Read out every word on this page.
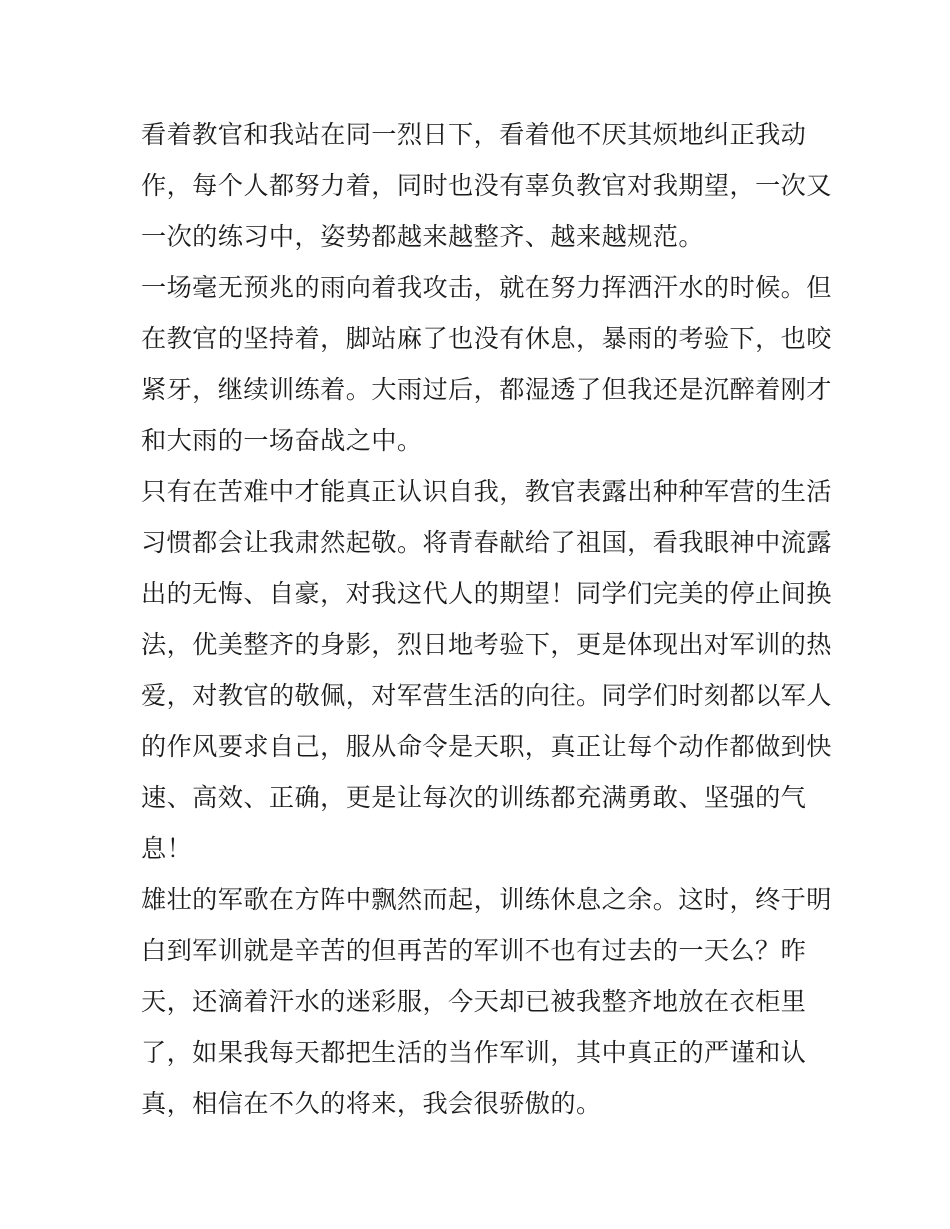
看着教官和我站在同一烈日下，看着他不厌其烦地纠正我动
作，每个人都努力着，同时也没有辜负教官对我期望，一次又
一次的练习中，姿势都越来越整齐、越来越规范。

一场毫无预兆的雨向着我攻击，就在努力挥洒汗水的时候。但
在教官的坚持着，脚站麻了也没有休息，暴雨的考验下，也咬
紧牙，继续训练着。大雨过后，都湿透了但我还是沉醉着刚才
和大雨的一场奋战之中。

只有在苦难中才能真正认识自我，教官表露出种种军营的生活
习惯都会让我肃然起敬。将青春献给了祖国，看我眼神中流露
出的无悔、自豪，对我这代人的期望！同学们完美的停止间换
法，优美整齐的身影，烈日地考验下，更是体现出对军训的热
爱，对教官的敬佩，对军营生活的向往。同学们时刻都以军人
的作风要求自己，服从命令是天职，真正让每个动作都做到快
速、高效、正确，更是让每次的训练都充满勇敢、坚强的气
息！

雄壮的军歌在方阵中飘然而起，训练休息之余。这时，终于明
白到军训就是辛苦的但再苦的军训不也有过去的一天么？昨
天，还滴着汗水的迷彩服，今天却已被我整齐地放在衣柜里
了，如果我每天都把生活的当作军训，其中真正的严谨和认
真，相信在不久的将来，我会很骄傲的。
